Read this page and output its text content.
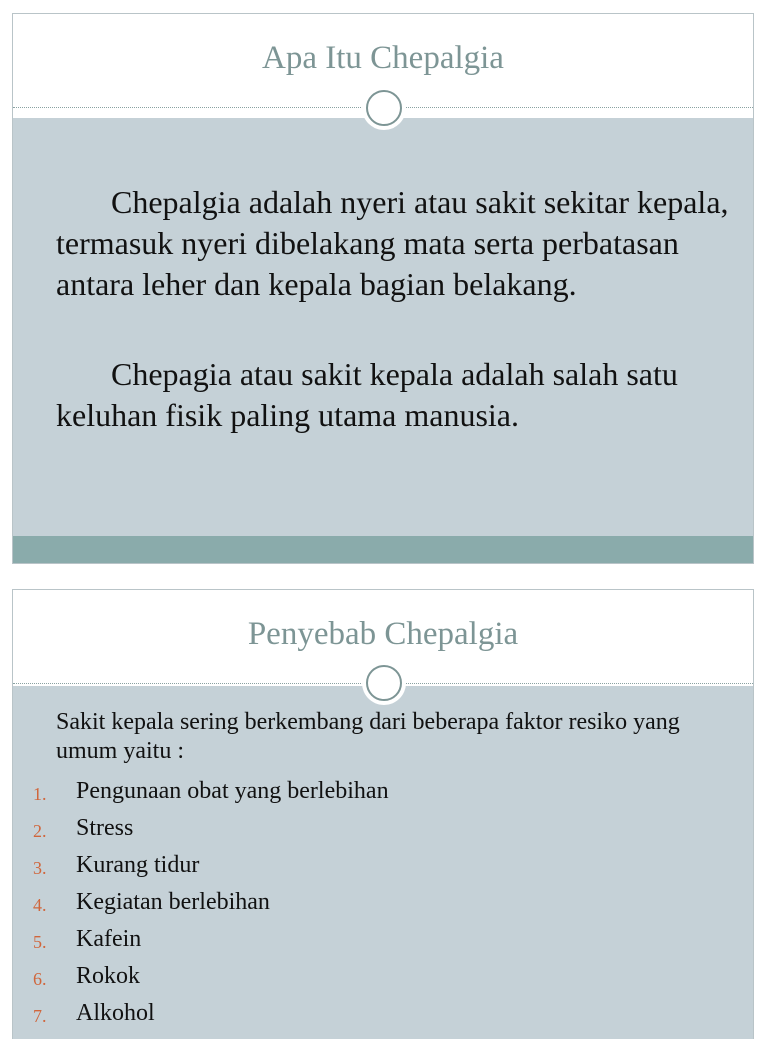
Apa Itu Chepalgia

Chepalgia adalah nyeri atau sakit sekitar kepala, termasuk nyeri dibelakang mata serta perbatasan antara leher dan kepala bagian belakang.

Chepagia atau sakit kepala adalah salah satu keluhan fisik paling utama manusia.

Penyebab Chepalgia

Sakit kepala sering berkembang dari beberapa faktor resiko yang umum yaitu :

1. Pengunaan obat yang berlebihan
2. Stress
3. Kurang tidur
4. Kegiatan berlebihan
5. Kafein
6. Rokok
7. Alkohol
